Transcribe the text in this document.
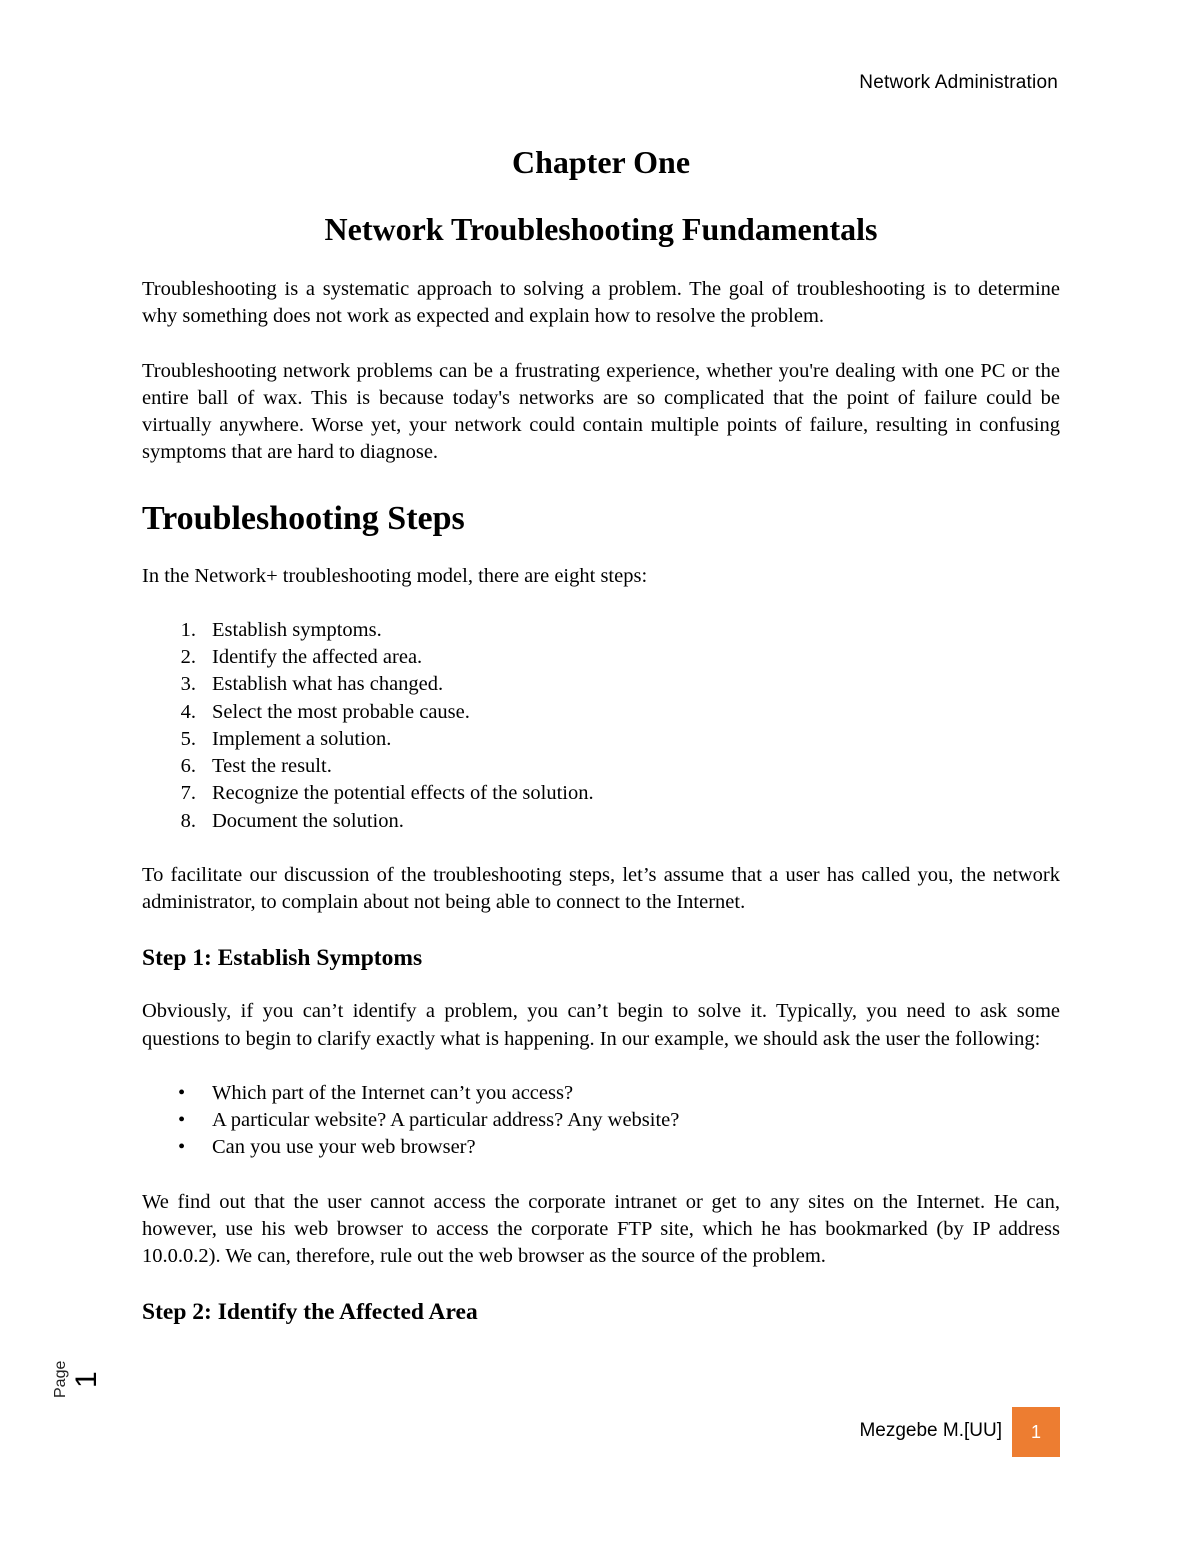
Network Administration
Chapter One
Network Troubleshooting Fundamentals

Troubleshooting is a systematic approach to solving a problem. The goal of troubleshooting is to determine why something does not work as expected and explain how to resolve the problem.

Troubleshooting network problems can be a frustrating experience, whether you're dealing with one PC or the entire ball of wax. This is because today's networks are so complicated that the point of failure could be virtually anywhere. Worse yet, your network could contain multiple points of failure, resulting in confusing symptoms that are hard to diagnose.

Troubleshooting Steps

In the Network+ troubleshooting model, there are eight steps:

1. Establish symptoms.
2. Identify the affected area.
3. Establish what has changed.
4. Select the most probable cause.
5. Implement a solution.
6. Test the result.
7. Recognize the potential effects of the solution.
8. Document the solution.

To facilitate our discussion of the troubleshooting steps, let’s assume that a user has called you, the network administrator, to complain about not being able to connect to the Internet.

Step 1: Establish Symptoms

Obviously, if you can’t identify a problem, you can’t begin to solve it. Typically, you need to ask some questions to begin to clarify exactly what is happening. In our example, we should ask the user the following:

• Which part of the Internet can’t you access?
• A particular website? A particular address? Any website?
• Can you use your web browser?

We find out that the user cannot access the corporate intranet or get to any sites on the Internet. He can, however, use his web browser to access the corporate FTP site, which he has bookmarked (by IP address 10.0.0.2). We can, therefore, rule out the web browser as the source of the problem.

Step 2: Identify the Affected Area
Page 1
Mezgebe M.[UU]	1
